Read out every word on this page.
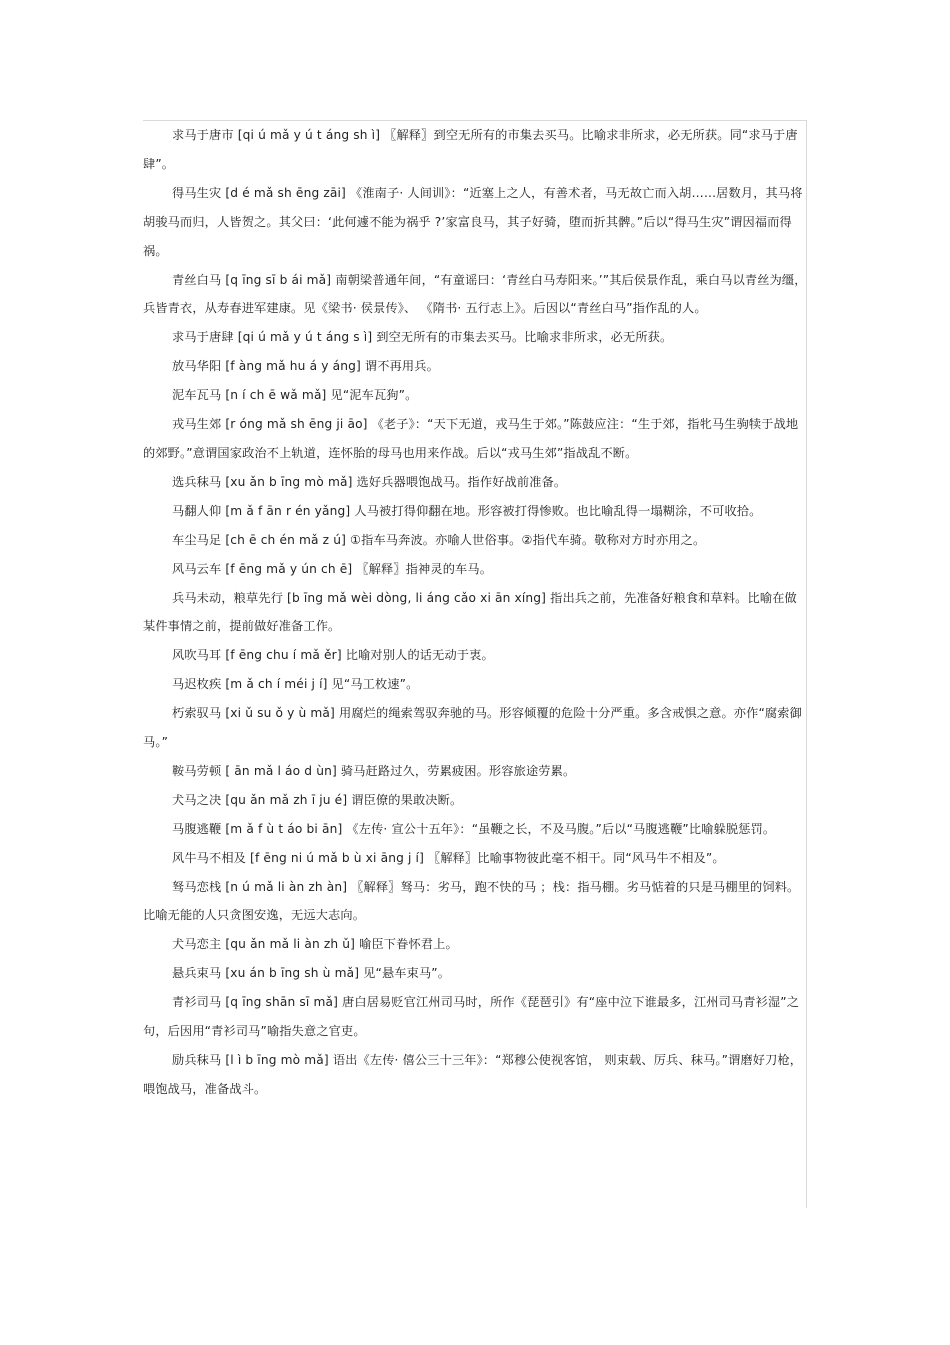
求马于唐市 [qi ú mǎ y ú t áng sh ì] 〖解释〗到空无所有的市集去买马。比喻求非所求，必无所获。同“求马于唐肆”。

得马生灾 [d é mǎ sh ēng zāi] 《淮南子· 人间训》：“近塞上之人，有善术者，马无故亡而入胡……居数月，其马将胡骏马而归，人皆贺之。其父曰：‘此何遽不能为祸乎 ?’家富良马，其子好骑，堕而折其髀。”后以“得马生灾”谓因福而得祸。

青丝白马 [q īng sī b ái mǎ] 南朝梁普通年间，“有童谣曰：‘青丝白马寿阳来。’”其后侯景作乱，乘白马以青丝为缰，兵皆青衣，从寿春进军建康。见《梁书· 侯景传》、 《隋书· 五行志上》。后因以“青丝白马”指作乱的人。

求马于唐肆 [qi ú mǎ y ú t áng s ì] 到空无所有的市集去买马。比喻求非所求，必无所获。

放马华阳 [f àng mǎ hu á y áng] 谓不再用兵。

泥车瓦马 [n í ch ē wǎ mǎ] 见“泥车瓦狗”。

戎马生郊 [r óng mǎ sh ēng ji āo] 《老子》：“天下无道，戎马生于郊。”陈鼓应注：“生于郊，指牝马生驹犊于战地的郊野。”意谓国家政治不上轨道，连怀胎的母马也用来作战。后以“戎马生郊”指战乱不断。

选兵秣马 [xu ǎn b īng mò mǎ] 选好兵器喂饱战马。指作好战前准备。

马翻人仰 [m ǎ f ān r én yǎng] 人马被打得仰翻在地。形容被打得惨败。也比喻乱得一塌糊涂，不可收拾。

车尘马足 [ch ē ch én mǎ z ú] ①指车马奔波。亦喻人世俗事。②指代车骑。敬称对方时亦用之。

风马云车 [f ēng mǎ y ún ch ē] 〖解释〗指神灵的车马。

兵马未动，粮草先行 [b īng mǎ wèi dòng, li áng cǎo xi ān xíng] 指出兵之前，先准备好粮食和草料。比喻在做某件事情之前，提前做好准备工作。

风吹马耳 [f ēng chu í mǎ ěr] 比喻对别人的话无动于衷。

马迟枚疾 [m ǎ ch í méi j í] 见“马工枚速”。

朽索驭马 [xi ǔ su ǒ y ù mǎ] 用腐烂的绳索驾驭奔驰的马。形容倾覆的危险十分严重。多含戒惧之意。亦作“腐索御马。”

鞍马劳顿 [ ān mǎ l áo d ùn] 骑马赶路过久，劳累疲困。形容旅途劳累。

犬马之决 [qu ǎn mǎ zh ī ju é] 谓臣僚的果敢决断。

马腹逃鞭 [m ǎ f ù t áo bi ān] 《左传· 宣公十五年》：“虽鞭之长，不及马腹。”后以“马腹逃鞭”比喻躲脱惩罚。

风牛马不相及 [f ēng ni ú mǎ b ù xi āng j í] 〖解释〗比喻事物彼此毫不相干。同“风马牛不相及”。

驽马恋栈 [n ú mǎ li àn zh àn] 〖解释〗驽马：劣马，跑不快的马 ；栈：指马棚。劣马惦着的只是马棚里的饲料。比喻无能的人只贪图安逸，无远大志向。

犬马恋主 [qu ǎn mǎ li àn zh ǔ] 喻臣下眷怀君上。

悬兵束马 [xu án b īng sh ù mǎ] 见“悬车束马”。

青衫司马 [q īng shān sī mǎ] 唐白居易贬官江州司马时，所作《琵琶引》有“座中泣下谁最多，江州司马青衫湿”之句，后因用“青衫司马”喻指失意之官吏。

励兵秣马 [l ì b īng mò mǎ] 语出《左传· 僖公三十三年》：“郑穆公使视客馆， 则束载、厉兵、秣马。”谓磨好刀枪，喂饱战马，准备战斗。
